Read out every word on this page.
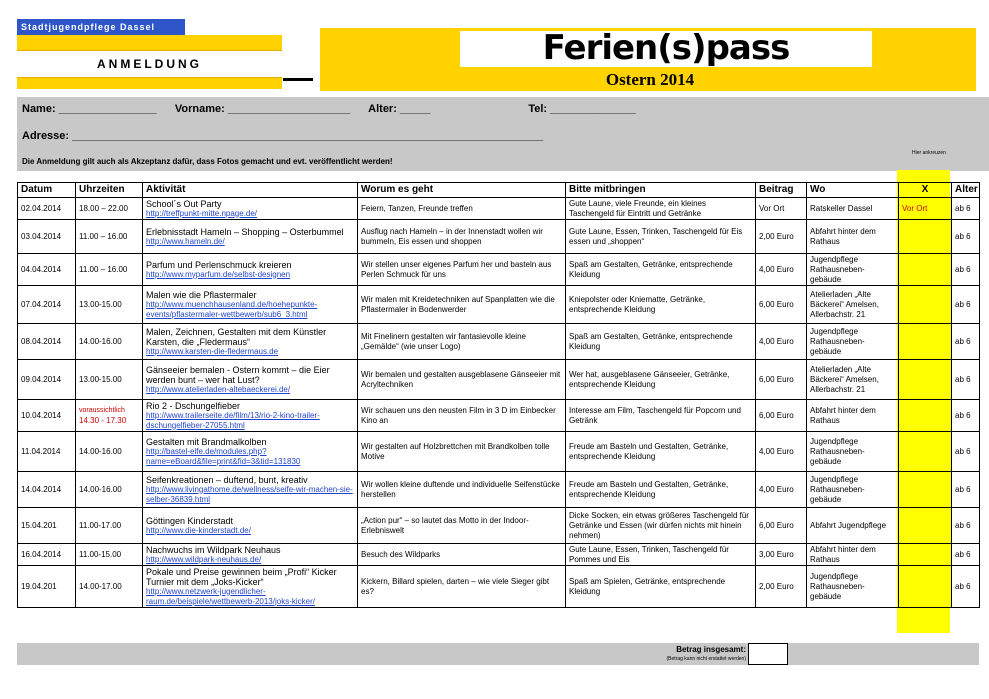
Stadtjugendpflege Dassel
ANMELDUNG	Ferien(s)pass
Ostern 2014
Name: ________________      Vorname: ____________________      Alter: _____                                Tel: ______________
Adresse: _____________________________________________________________________________
Die Anmeldung gilt auch als Akzeptanz dafür, dass Fotos gemacht und evt. veröffentlicht werden!
Hier ankreuzen
Datum	Uhrzeiten	Aktivität	Worum es geht	Bitte mitbringen	Beitrag	Wo	X	Alter
02.04.2014	18.00 – 22.00	School´s Out Party
http://treffpunkt-mitte.npage.de/	Feiern, Tanzen, Freunde treffen	Gute Laune, viele Freunde, ein kleines Taschengeld für Eintritt und Getränke	Vor Ort	Ratskeller Dassel	Vor Ort	ab 6
03.04.2014	11.00 – 16.00	Erlebnisstadt Hameln – Shopping – Osterbummel
http://www.hameln.de/	Ausflug nach Hameln – in der Innenstadt wollen wir bummeln, Eis essen und shoppen	Gute Laune, Essen, Trinken, Taschengeld für Eis essen und „shoppen“	2,00 Euro	Abfahrt hinter dem Rathaus		ab 6
04.04.2014	11.00 – 16.00	Parfum und Perlenschmuck kreieren
http://www.myparfum.de/selbst-designen	Wir stellen unser eigenes Parfum her und basteln aus Perlen Schmuck für uns	Spaß am Gestalten, Getränke, entsprechende Kleidung	4,00 Euro	Jugendpflege Rathausneben-gebäude		ab 6
07.04.2014	13.00-15.00	Malen wie die Pflastermaler
http://www.muenchhausenland.de/hoehepunkte-events/pflastermaler-wettbewerb/sub6_3.html	Wir malen mit Kreidetechniken auf Spanplatten wie die Pflastermaler in Bodenwerder	Kniepolster oder Kniematte, Getränke, entsprechende Kleidung	6,00 Euro	Atelierladen „Alte Bäckerei“ Amelsen, Allerbachstr. 21		ab 6
08.04.2014	14.00-16.00	Malen, Zeichnen, Gestalten mit dem Künstler Karsten, die „Fledermaus“
http://www.karsten-die-fledermaus.de	Mit Finelinern gestalten wir fantasievolle kleine „Gemälde“ (wie unser Logo)	Spaß am Gestalten, Getränke, entsprechende Kleidung	4,00 Euro	Jugendpflege Rathausneben-gebäude		ab 6
09.04.2014	13.00-15.00	Gänseeier bemalen - Ostern kommt – die Eier werden bunt – wer hat Lust?
http://www.atelierladen-altebaeckerei.de/	Wir bemalen und gestalten ausgeblasene Gänseeier mit Acryltechniken	Wer hat, ausgeblasene Gänseeier, Getränke, entsprechende Kleidung	6,00 Euro	Atelierladen „Alte Bäckerei“ Amelsen, Allerbachstr. 21		ab 6
10.04.2014	voraussichtlich
14.30 - 17.30	Rio 2 - Dschungelfieber
http://www.trailerseite.de/film/13/rio-2-kino-trailer-dschungelfieber-27055.html	Wir schauen uns den neusten Film in 3 D im Einbecker Kino an	Interesse am Film, Taschengeld für Popcorn und Getränk	6,00 Euro	Abfahrt hinter dem Rathaus		ab 6
11.04.2014	14.00-16.00	Gestalten mit Brandmalkolben
http://bastel-elfe.de/modules.php?name=eBoard&file=print&fid=3&tid=131830	Wir gestalten auf Holzbrettchen mit Brandkolben tolle Motive	Freude am Basteln und Gestalten, Getränke, entsprechende Kleidung	4,00 Euro	Jugendpflege Rathausneben-gebäude		ab 6
14.04.2014	14.00-16.00	Seifenkreationen – duftend, bunt, kreativ
http://www.livingathome.de/wellness/seife-wir-machen-sie-selber-36839.html	Wir wollen kleine duftende und individuelle Seifenstücke herstellen	Freude am Basteln und Gestalten, Getränke, entsprechende Kleidung	4,00 Euro	Jugendpflege Rathausneben-gebäude		ab 6
15.04.201	11.00-17.00	Göttingen Kinderstadt
http://www.die-kinderstadt.de/	„Action pur“ – so lautet das Motto in der Indoor-Erlebniswelt	Dicke Socken, ein etwas größeres Taschengeld für Getränke und Essen (wir dürfen nichts mit hinein nehmen)	6,00 Euro	Abfahrt Jugendpflege		ab 6
16.04.2014	11.00-15.00	Nachwuchs im Wildpark Neuhaus
http://www.wildpark-neuhaus.de/	Besuch des Wildparks	Gute Laune, Essen, Trinken, Taschengeld für Pommes und Eis	3,00 Euro	Abfahrt hinter dem Rathaus		ab 6
19.04.201	14.00-17.00	Pokale und Preise gewinnen beim „Profi“ Kicker Turnier mit dem „Joks-Kicker“
http://www.netzwerk-jugendlicher-raum.de/beispiele/wettbewerb-2013/joks-kicker/	Kickern, Billard spielen, darten – wie viele Sieger gibt es?	Spaß am Spielen, Getränke, entsprechende Kleidung	2,00 Euro	Jugendpflege Rathausneben-gebäude		ab 6
Betrag insgesamt:
(Betrag kann nicht erstattet werden)
